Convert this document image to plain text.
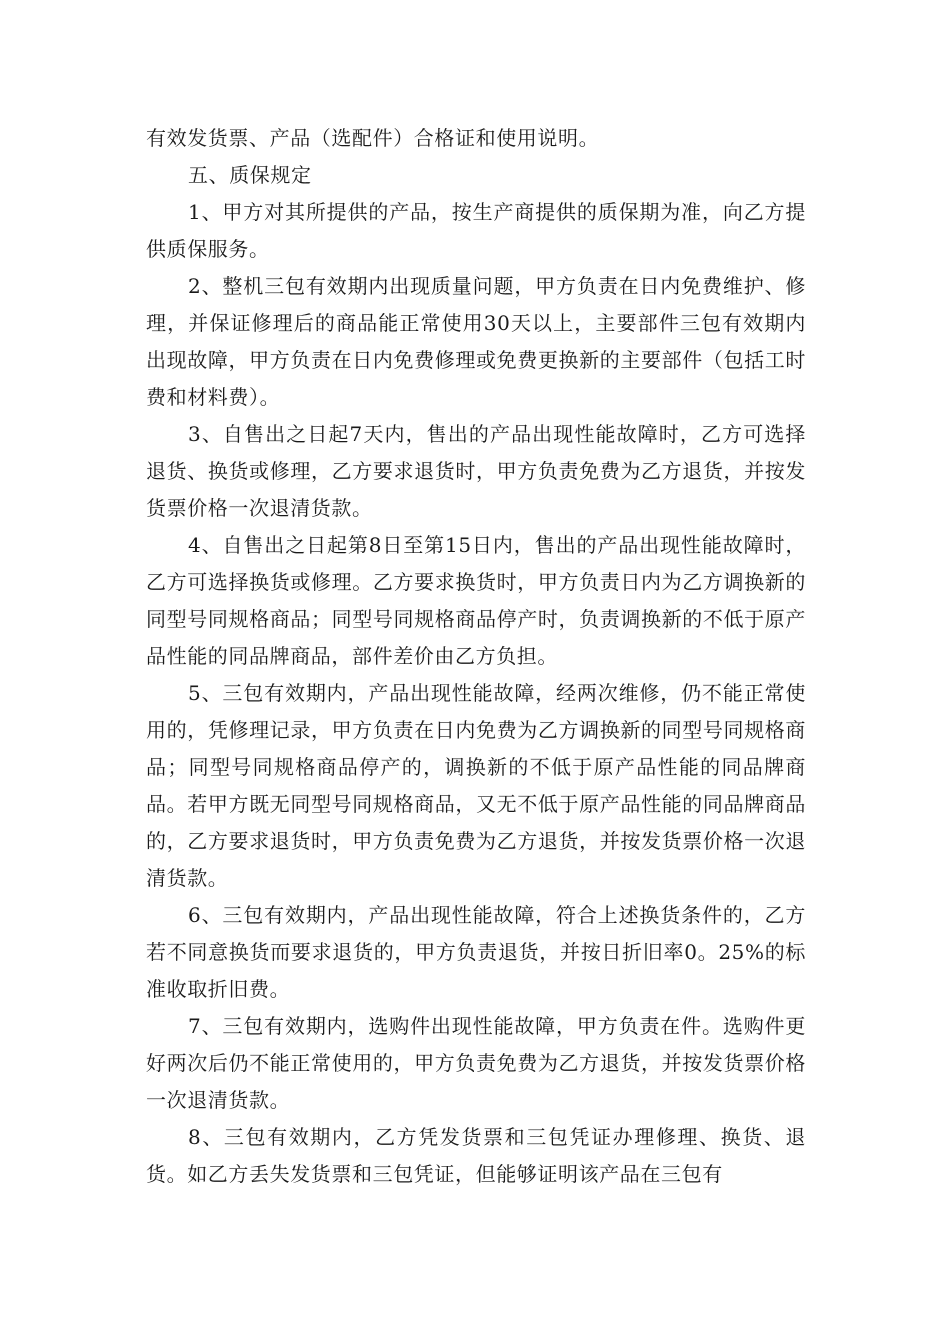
有效发货票、产品（选配件）合格证和使用说明。

五、质保规定

1、甲方对其所提供的产品，按生产商提供的质保期为准，向乙方提供质保服务。

2、整机三包有效期内出现质量问题，甲方负责在日内免费维护、修理，并保证修理后的商品能正常使用30天以上，主要部件三包有效期内出现故障，甲方负责在日内免费修理或免费更换新的主要部件（包括工时费和材料费）。

3、自售出之日起7天内，售出的产品出现性能故障时，乙方可选择退货、换货或修理，乙方要求退货时，甲方负责免费为乙方退货，并按发货票价格一次退清货款。

4、自售出之日起第8日至第15日内，售出的产品出现性能故障时，乙方可选择换货或修理。乙方要求换货时，甲方负责日内为乙方调换新的同型号同规格商品；同型号同规格商品停产时，负责调换新的不低于原产品性能的同品牌商品，部件差价由乙方负担。

5、三包有效期内，产品出现性能故障，经两次维修，仍不能正常使用的，凭修理记录，甲方负责在日内免费为乙方调换新的同型号同规格商品；同型号同规格商品停产的，调换新的不低于原产品性能的同品牌商品。若甲方既无同型号同规格商品，又无不低于原产品性能的同品牌商品的，乙方要求退货时，甲方负责免费为乙方退货，并按发货票价格一次退清货款。

6、三包有效期内，产品出现性能故障，符合上述换货条件的，乙方若不同意换货而要求退货的，甲方负责退货，并按日折旧率0。25%的标准收取折旧费。

7、三包有效期内，选购件出现性能故障，甲方负责在件。选购件更好两次后仍不能正常使用的，甲方负责免费为乙方退货，并按发货票价格一次退清货款。

8、三包有效期内，乙方凭发货票和三包凭证办理修理、换货、退货。如乙方丢失发货票和三包凭证，但能够证明该产品在三包有
